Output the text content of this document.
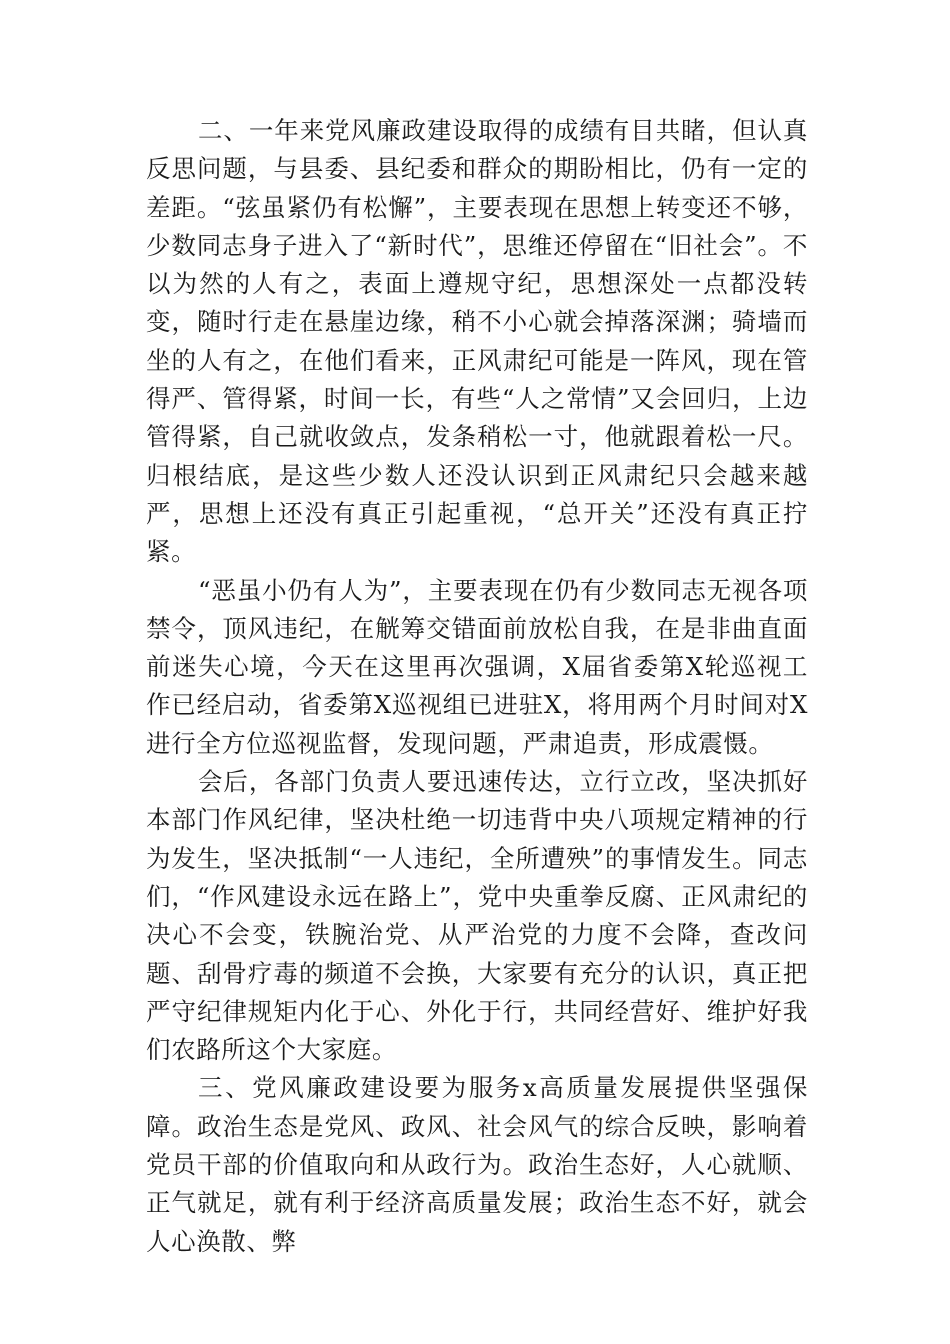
二、一年来党风廉政建设取得的成绩有目共睹，但认真反思问题，与县委、县纪委和群众的期盼相比，仍有一定的差距。“弦虽紧仍有松懈”，主要表现在思想上转变还不够，少数同志身子进入了“新时代”，思维还停留在“旧社会”。不以为然的人有之，表面上遵规守纪，思想深处一点都没转变，随时行走在悬崖边缘，稍不小心就会掉落深渊；骑墙而坐的人有之，在他们看来，正风肃纪可能是一阵风，现在管得严、管得紧，时间一长，有些“人之常情”又会回归，上边管得紧，自己就收敛点，发条稍松一寸，他就跟着松一尺。归根结底，是这些少数人还没认识到正风肃纪只会越来越严，思想上还没有真正引起重视，“总开关”还没有真正拧紧。

“恶虽小仍有人为”，主要表现在仍有少数同志无视各项禁令，顶风违纪，在觥筹交错面前放松自我，在是非曲直面前迷失心境，今天在这里再次强调，X届省委第X轮巡视工作已经启动，省委第X巡视组已进驻X，将用两个月时间对X进行全方位巡视监督，发现问题，严肃追责，形成震慑。

会后，各部门负责人要迅速传达，立行立改，坚决抓好本部门作风纪律，坚决杜绝一切违背中央八项规定精神的行为发生，坚决抵制“一人违纪，全所遭殃”的事情发生。同志们，“作风建设永远在路上”，党中央重拳反腐、正风肃纪的决心不会变，铁腕治党、从严治党的力度不会降，查改问题、刮骨疗毒的频道不会换，大家要有充分的认识，真正把严守纪律规矩内化于心、外化于行，共同经营好、维护好我们农路所这个大家庭。

三、党风廉政建设要为服务x高质量发展提供坚强保障。政治生态是党风、政风、社会风气的综合反映，影响着党员干部的价值取向和从政行为。政治生态好，人心就顺、正气就足，就有利于经济高质量发展；政治生态不好，就会人心涣散、弊
